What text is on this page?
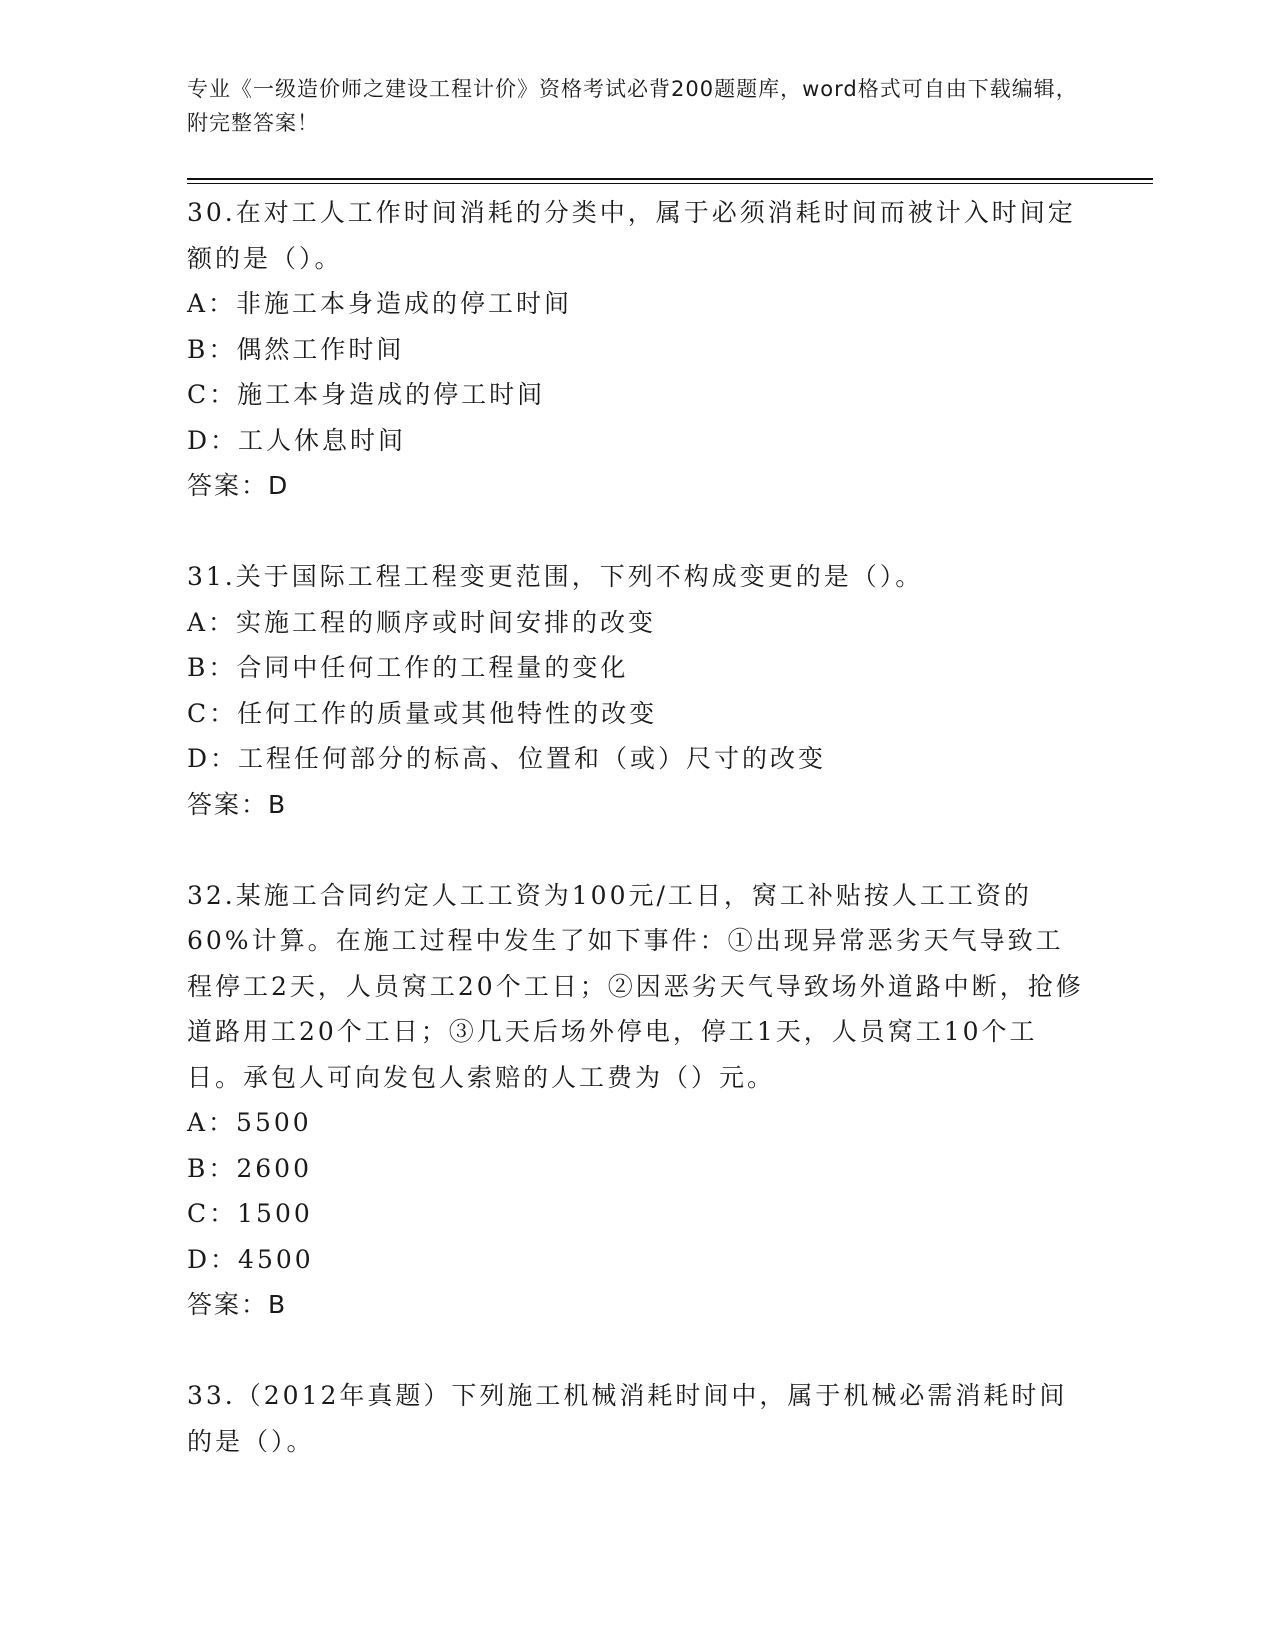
专业《一级造价师之建设工程计价》资格考试必背200题题库，word格式可自由下载编辑，附完整答案！

30.在对工人工作时间消耗的分类中，属于必须消耗时间而被计入时间定额的是（）。

A：非施工本身造成的停工时间

B：偶然工作时间

C：施工本身造成的停工时间

D：工人休息时间

答案：D

31.关于国际工程工程变更范围，下列不构成变更的是（）。

A：实施工程的顺序或时间安排的改变

B：合同中任何工作的工程量的变化

C：任何工作的质量或其他特性的改变

D：工程任何部分的标高、位置和（或）尺寸的改变

答案：B

32.某施工合同约定人工工资为100元/工日，窝工补贴按人工工资的60%计算。在施工过程中发生了如下事件：①出现异常恶劣天气导致工程停工2天，人员窝工20个工日；②因恶劣天气导致场外道路中断，抢修道路用工20个工日；③几天后场外停电，停工1天，人员窝工10个工日。承包人可向发包人索赔的人工费为（）元。

A：5500

B：2600

C：1500

D：4500

答案：B

33.（2012年真题）下列施工机械消耗时间中，属于机械必需消耗时间的是（）。
